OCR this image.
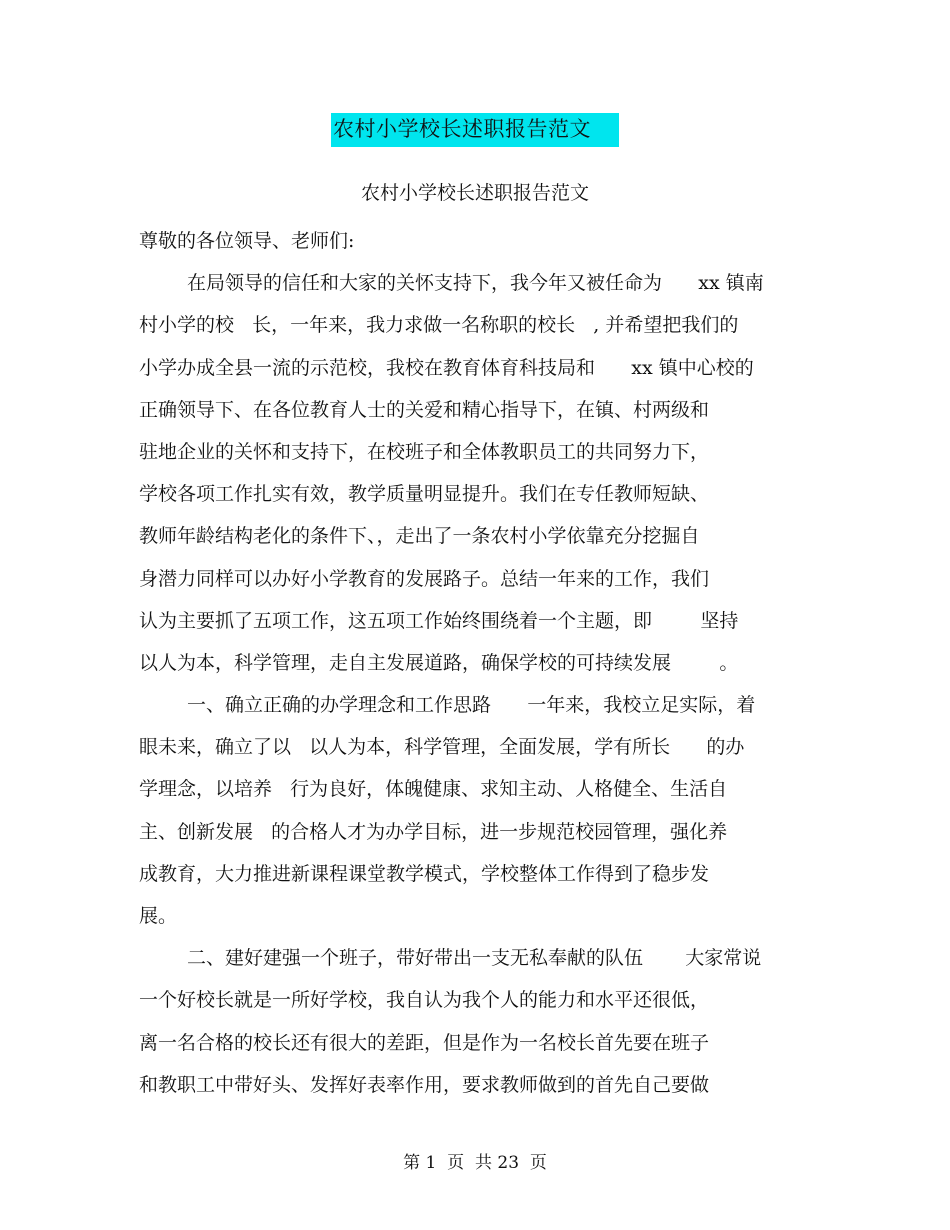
农村小学校长述职报告范文
农村小学校长述职报告范文
尊敬的各位领导、老师们:
在局领导的信任和大家的关怀支持下，我今年又被任命为      xx 镇南
村小学的校   长，一年来，我力求做一名称职的校长   , 并希望把我们的
小学办成全县一流的示范校，我校在教育体育科技局和      xx 镇中心校的
正确领导下、在各位教育人士的关爱和精心指导下，在镇、村两级和
驻地企业的关怀和支持下，在校班子和全体教职员工的共同努力下，
学校各项工作扎实有效，教学质量明显提升。我们在专任教师短缺、
教师年龄结构老化的条件下、，走出了一条农村小学依靠充分挖掘自
身潜力同样可以办好小学教育的发展路子。总结一年来的工作，我们
认为主要抓了五项工作，这五项工作始终围绕着一个主题，即        坚持
以人为本，科学管理，走自主发展道路，确保学校的可持续发展        。
一、确立正确的办学理念和工作思路      一年来，我校立足实际，着
眼未来，确立了以   以人为本，科学管理，全面发展，学有所长      的办
学理念，以培养   行为良好，体魄健康、求知主动、人格健全、生活自
主、创新发展   的合格人才为办学目标，进一步规范校园管理，强化养
成教育，大力推进新课程课堂教学模式，学校整体工作得到了稳步发
展。
二、建好建强一个班子，带好带出一支无私奉献的队伍       大家常说
一个好校长就是一所好学校，我自认为我个人的能力和水平还很低，
离一名合格的校长还有很大的差距，但是作为一名校长首先要在班子
和教职工中带好头、发挥好表率作用，要求教师做到的首先自己要做
第 1  页  共 23  页
